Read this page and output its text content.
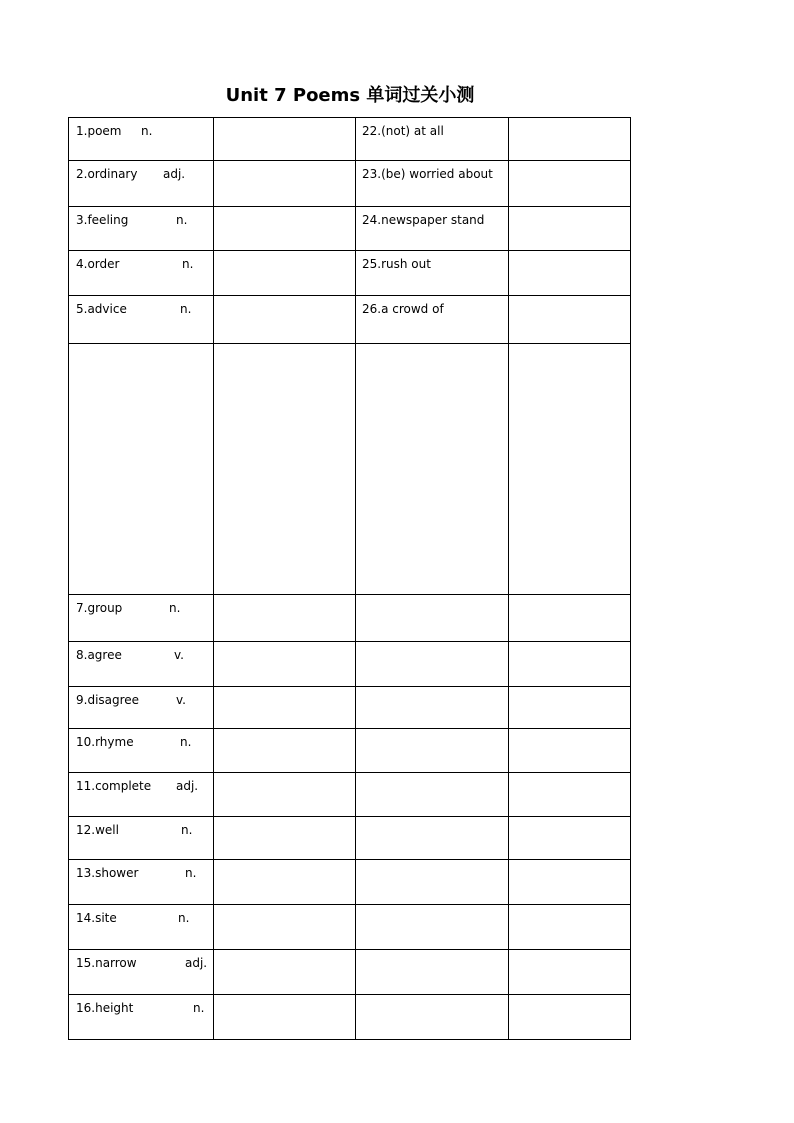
Unit 7 Poems 单词过关小测
1.poem n.		22.(not) at all	

2.ordinary adj.		23.(be) worried about	

3.feeling n.		24.newspaper stand	

4.order n.		25.rush out	

5.advice n.		26.a crowd of	

7.group n.			

8.agree v.			

9.disagree v.			

10.rhyme n.			

11.complete adj.			

12.well n.			

13.shower n.			

14.site n.			

15.narrow adj.			

16.height n.			
